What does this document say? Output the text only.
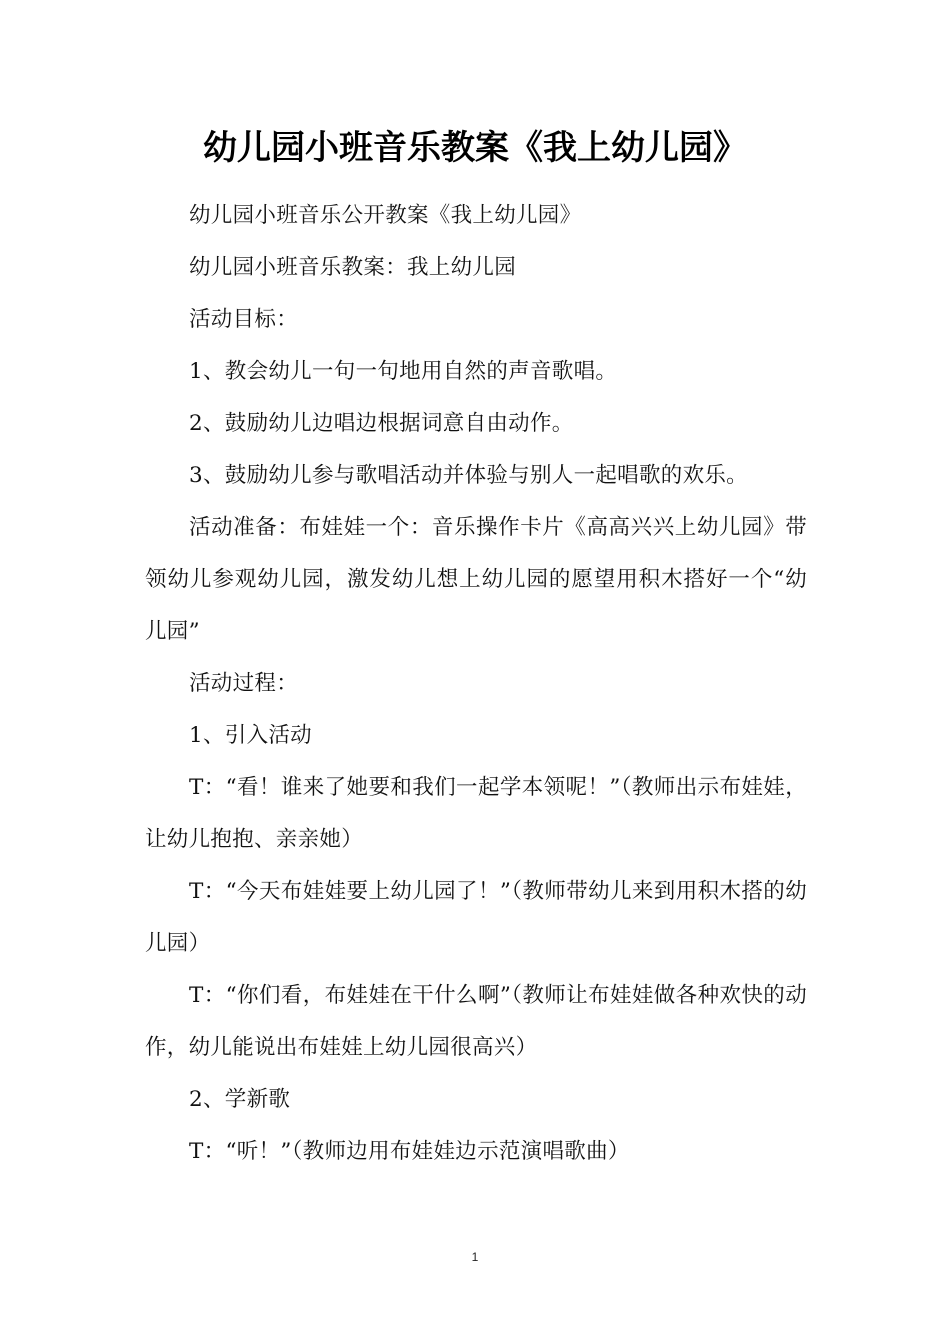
幼儿园小班音乐教案《我上幼儿园》

幼儿园小班音乐公开教案《我上幼儿园》

幼儿园小班音乐教案：我上幼儿园

活动目标：

1、教会幼儿一句一句地用自然的声音歌唱。

2、鼓励幼儿边唱边根据词意自由动作。

3、鼓励幼儿参与歌唱活动并体验与别人一起唱歌的欢乐。

活动准备：布娃娃一个：音乐操作卡片《高高兴兴上幼儿园》带领幼儿参观幼儿园，激发幼儿想上幼儿园的愿望用积木搭好一个“幼儿园”

活动过程：

1、引入活动

T：“看！谁来了她要和我们一起学本领呢！”（教师出示布娃娃，让幼儿抱抱、亲亲她）

T：“今天布娃娃要上幼儿园了！”（教师带幼儿来到用积木搭的幼儿园）

T：“你们看，布娃娃在干什么啊”（教师让布娃娃做各种欢快的动作，幼儿能说出布娃娃上幼儿园很高兴）

2、学新歌

T：“听！”（教师边用布娃娃边示范演唱歌曲）

1
